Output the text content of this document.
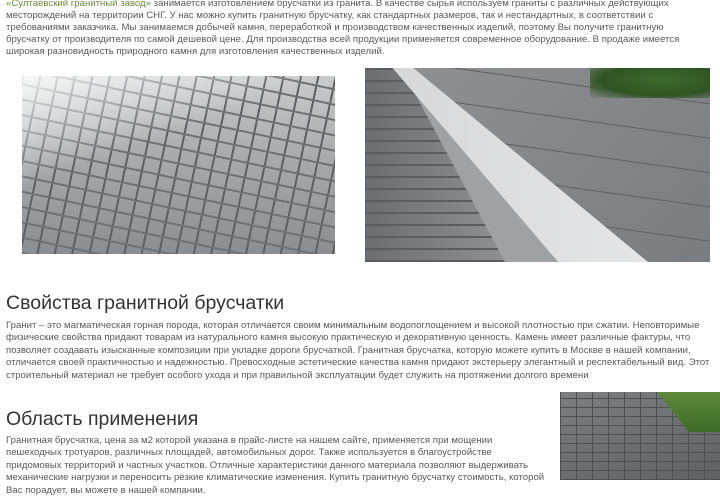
«Султаевский гранитный завод» занимается изготовлением брусчатки из гранита. В качестве сырья используем граниты с различных действующих месторождений на территории СНГ. У нас можно купить гранитную брусчатку, как стандартных размеров, так и нестандартных, в соответствии с требованиями заказчика. Мы занимаемся добычей камня, переработкой и производством качественных изделий, поэтому Вы получите гранитную брусчатку от производителя по самой дешевой цене. Для производства всей продукции применяется современное оборудование. В продаже имеется широкая разновидность природного камня для изготовления качественных изделий.

Свойства гранитной брусчатки

Гранит – это магматическая горная порода, которая отличается своим минимальным водопоглощением и высокой плотностью при сжатии. Неповторимые физические свойства придают товарам из натурального камня высокую практическую и декоративную ценность. Камень имеет различные фактуры, что позволяет создавать изысканные композиции при укладке дороги брусчаткой. Гранитная брусчатка, которую можете купить в Москве в нашей компании, отличается своей практичностью и надежностью. Превосходные эстетические качества камня придают экстерьеру элегантный и респектабельный вид. Этот строительный материал не требует особого ухода и при правильной эксплуатации будет служить на протяжении долгого времени

Область применения

Гранитная брусчатка, цена за м2 которой указана в прайс-листе на нашем сайте, применяется при мощении пешеходных тротуаров, различных площадей, автомобильных дорог. Также используется в благоустройстве придомовых территорий и частных участков. Отличные характеристики данного материала позволяют выдерживать механические нагрузки и переносить резкие климатические изменения. Купить гранитную брусчатку стоимость, которой Вас порадует, вы можете в нашей компании.
